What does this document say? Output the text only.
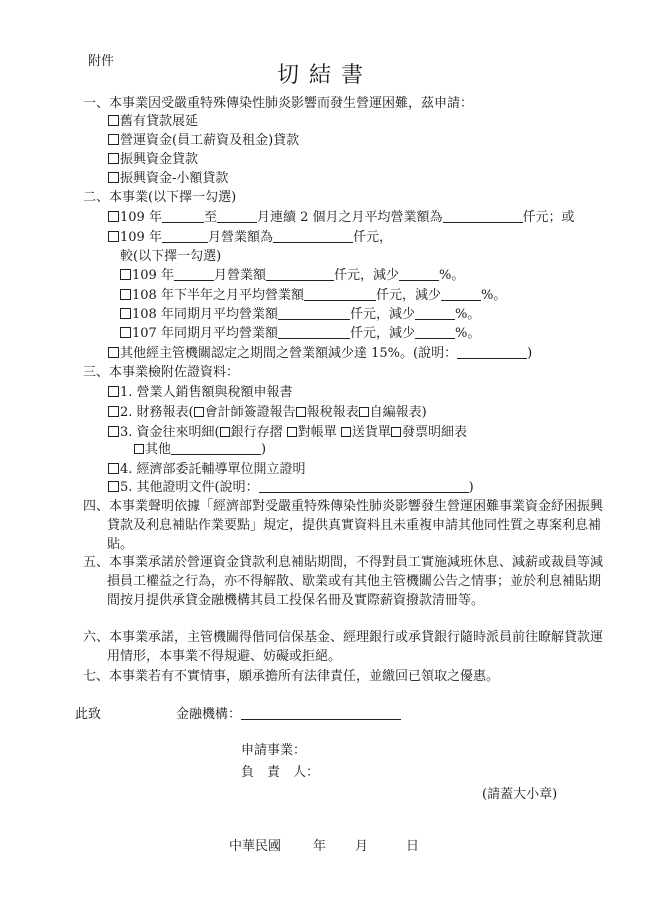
附件
切結書
一、本事業因受嚴重特殊傳染性肺炎影響而發生營運困難，茲申請：
舊有貸款展延
營運資金(員工薪資及租金)貸款
振興資金貸款
振興資金-小額貸款
二、本事業(以下擇一勾選)
109 年	至	月連續 2 個月之月平均營業額為	仟元；或
109 年	月營業額為	仟元，
較(以下擇一勾選)
109 年	月營業額	仟元，減少	%。
108 年下半年之月平均營業額	仟元，減少	%。
108 年同期月平均營業額	仟元，減少	%。
107 年同期月平均營業額	仟元，減少	%。
其他經主管機關認定之期間之營業額減少達 15%。(說明：	)
三、本事業檢附佐證資料：
1. 營業人銷售額與稅額申報書
2. 財務報表( 會計師簽證報告 報稅報表 自編報表)
3. 資金往來明細( 銀行存摺 對帳單 送貨單 發票明細表
其他	)
4. 經濟部委託輔導單位開立證明
5. 其他證明文件(說明：	)
四、本事業聲明依據「經濟部對受嚴重特殊傳染性肺炎影響發生營運困難事業資金紓困振興貸款及利息補貼作業要點」規定，提供真實資料且未重複申請其他同性質之專案利息補貼。
五、本事業承諾於營運資金貸款利息補貼期間，不得對員工實施減班休息、減薪或裁員等減損員工權益之行為，亦不得解散、歇業或有其他主管機關公告之情事；並於利息補貼期間按月提供承貸金融機構其員工投保名冊及實際薪資撥款清冊等。
六、本事業承諾，主管機關得偕同信保基金、經理銀行或承貸銀行隨時派員前往瞭解貸款運用情形，本事業不得規避、妨礙或拒絕。
七、本事業若有不實情事，願承擔所有法律責任，並繳回已領取之優惠。
此致	金融機構：
申請事業：
負　責　人：
(請蓋大小章)
中華民國 年 月	日
